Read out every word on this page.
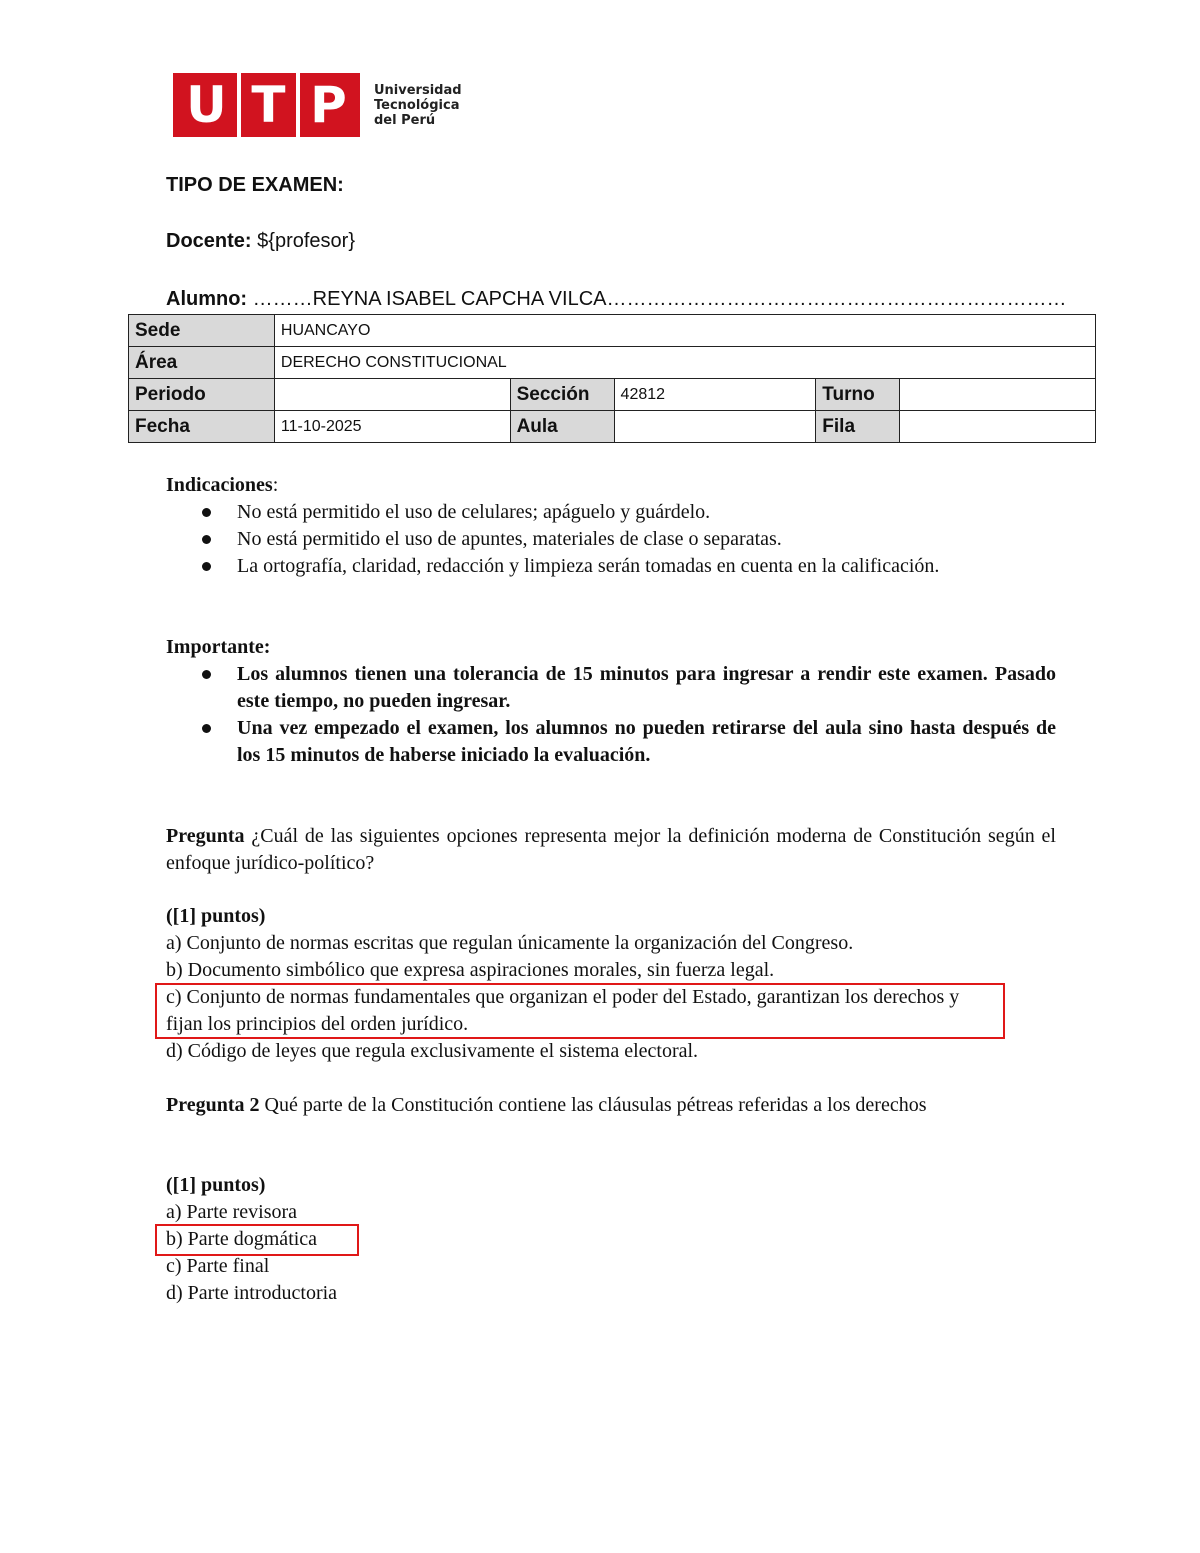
U T P Universidad
Tecnológica
del Perú
TIPO DE EXAMEN:
Docente: ${profesor}
Alumno: ………REYNA ISABEL CAPCHA VILCA……………………………………………………………
Sede	HUANCAYO				
Área	DERECHO CONSTITUCIONAL				
Periodo		Sección	42812	Turno	
Fecha	11-10-2025	Aula		Fila	
Indicaciones:
No está permitido el uso de celulares; apáguelo y guárdelo.
No está permitido el uso de apuntes, materiales de clase o separatas.
La ortografía, claridad, redacción y limpieza serán tomadas en cuenta en la calificación.
Importante:
Los alumnos tienen una tolerancia de 15 minutos para ingresar a rendir este examen. Pasado este tiempo, no pueden ingresar.
Una vez empezado el examen, los alumnos no pueden retirarse del aula sino hasta después de los 15 minutos de haberse iniciado la evaluación.
Pregunta ¿Cuál de las siguientes opciones representa mejor la definición moderna de Constitución según el enfoque jurídico-político?
([1] puntos)
a) Conjunto de normas escritas que regulan únicamente la organización del Congreso.
b) Documento simbólico que expresa aspiraciones morales, sin fuerza legal.
c) Conjunto de normas fundamentales que organizan el poder del Estado, garantizan los derechos y fijan los principios del orden jurídico.
d) Código de leyes que regula exclusivamente el sistema electoral.
Pregunta 2 Qué parte de la Constitución contiene las cláusulas pétreas referidas a los derechos
([1] puntos)
a) Parte revisora
b) Parte dogmática
c) Parte final
d) Parte introductoria
